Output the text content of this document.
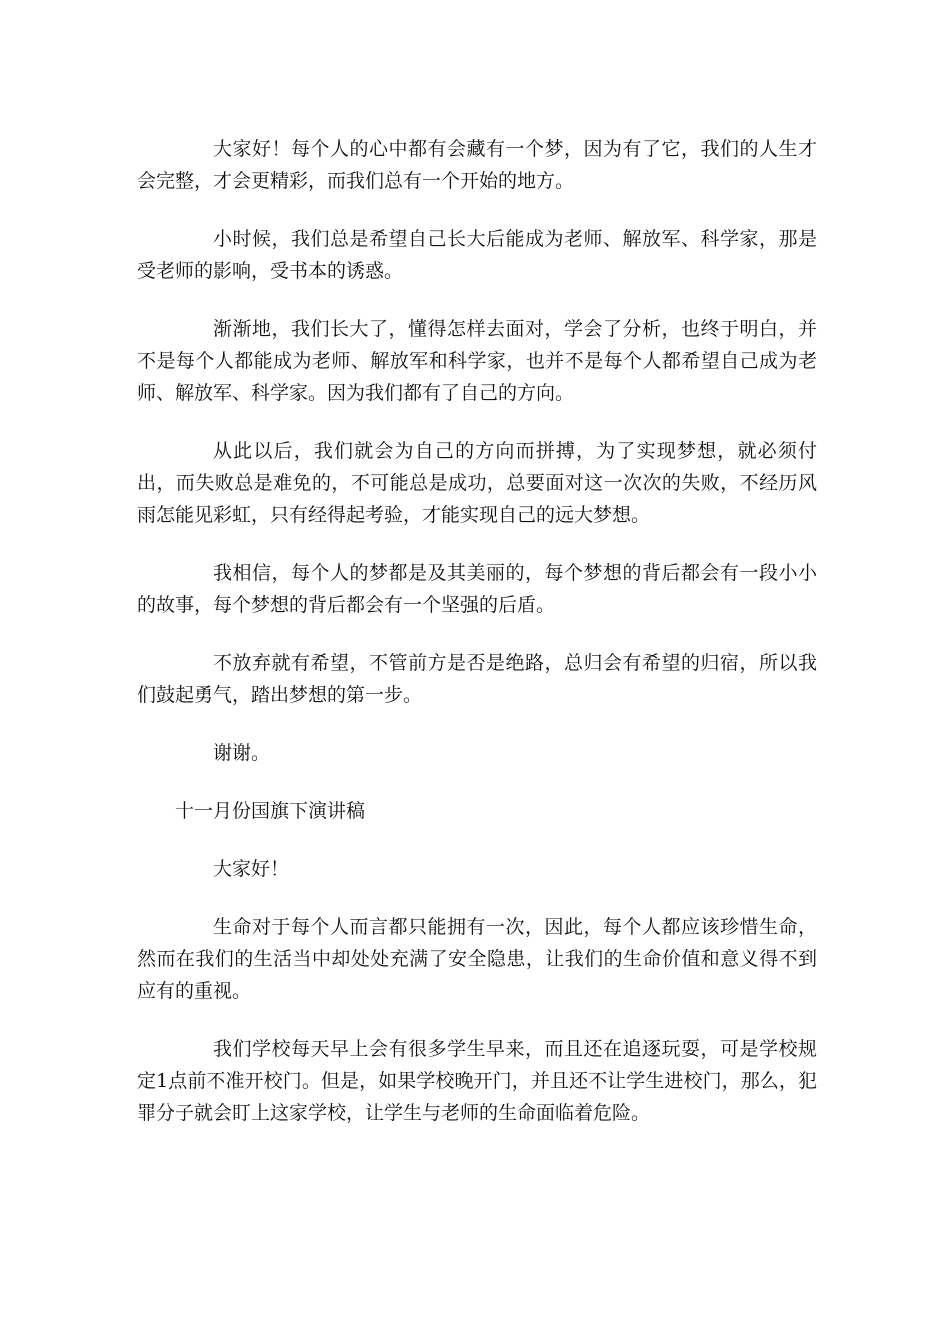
大家好！每个人的心中都有会藏有一个梦，因为有了它，我们的人生才会完整，才会更精彩，而我们总有一个开始的地方。

小时候，我们总是希望自己长大后能成为老师、解放军、科学家，那是受老师的影响，受书本的诱惑。

渐渐地，我们长大了，懂得怎样去面对，学会了分析，也终于明白，并不是每个人都能成为老师、解放军和科学家，也并不是每个人都希望自己成为老师、解放军、科学家。因为我们都有了自己的方向。

从此以后，我们就会为自己的方向而拼搏，为了实现梦想，就必须付出，而失败总是难免的，不可能总是成功，总要面对这一次次的失败，不经历风雨怎能见彩虹，只有经得起考验，才能实现自己的远大梦想。

我相信，每个人的梦都是及其美丽的，每个梦想的背后都会有一段小小的故事，每个梦想的背后都会有一个坚强的后盾。

不放弃就有希望，不管前方是否是绝路，总归会有希望的归宿，所以我们鼓起勇气，踏出梦想的第一步。

谢谢。

十一月份国旗下演讲稿

大家好！

生命对于每个人而言都只能拥有一次，因此，每个人都应该珍惜生命，然而在我们的生活当中却处处充满了安全隐患，让我们的生命价值和意义得不到应有的重视。

我们学校每天早上会有很多学生早来，而且还在追逐玩耍，可是学校规定1点前不准开校门。但是，如果学校晚开门，并且还不让学生进校门，那么，犯罪分子就会盯上这家学校，让学生与老师的生命面临着危险。
